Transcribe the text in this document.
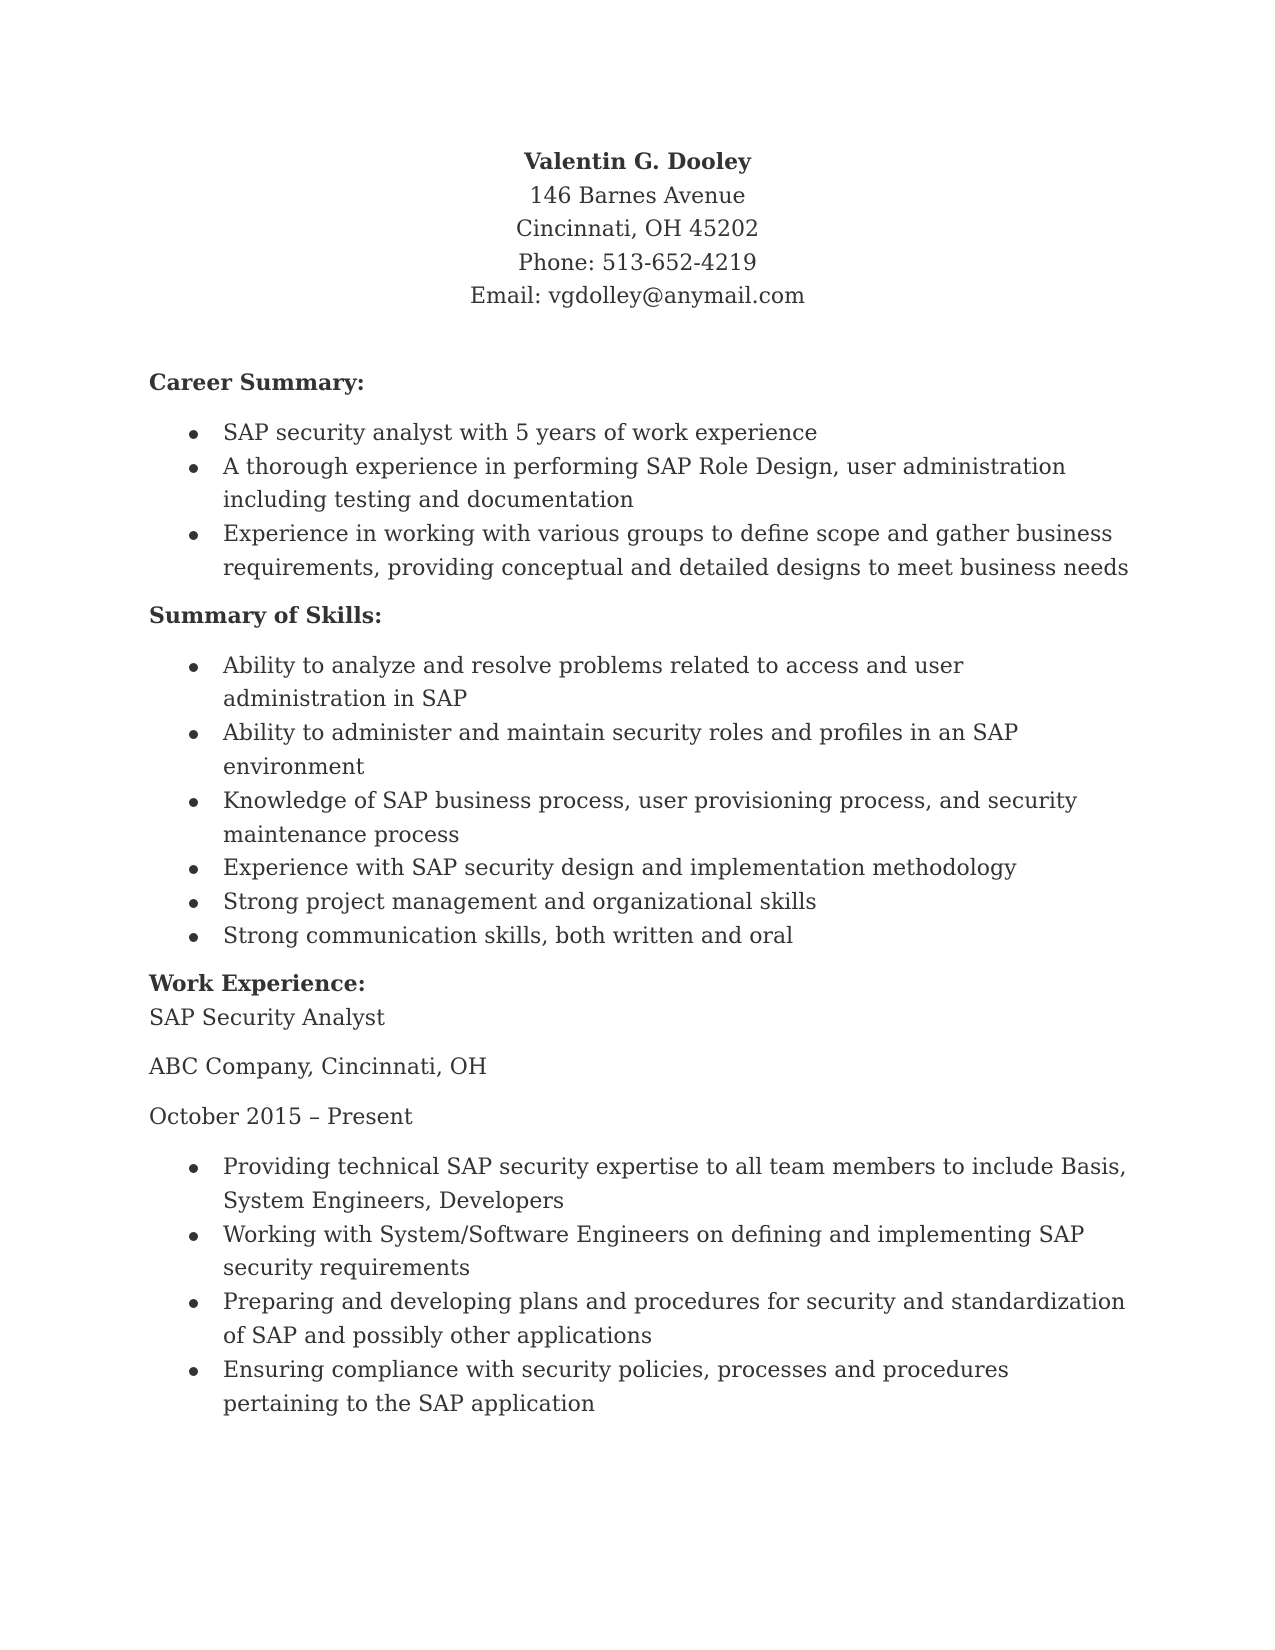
Valentin G. Dooley
146 Barnes Avenue
Cincinnati, OH 45202
Phone: 513-652-4219
Email: vgdolley@anymail.com

Career Summary:

SAP security analyst with 5 years of work experience
A thorough experience in performing SAP Role Design, user administration including testing and documentation
Experience in working with various groups to define scope and gather business requirements, providing conceptual and detailed designs to meet business needs

Summary of Skills:

Ability to analyze and resolve problems related to access and user administration in SAP
Ability to administer and maintain security roles and profiles in an SAP environment
Knowledge of SAP business process, user provisioning process, and security maintenance process
Experience with SAP security design and implementation methodology
Strong project management and organizational skills
Strong communication skills, both written and oral

Work Experience:

SAP Security Analyst

ABC Company, Cincinnati, OH

October 2015 – Present

Providing technical SAP security expertise to all team members to include Basis, System Engineers, Developers
Working with System/Software Engineers on defining and implementing SAP security requirements
Preparing and developing plans and procedures for security and standardization of SAP and possibly other applications
Ensuring compliance with security policies, processes and procedures pertaining to the SAP application
